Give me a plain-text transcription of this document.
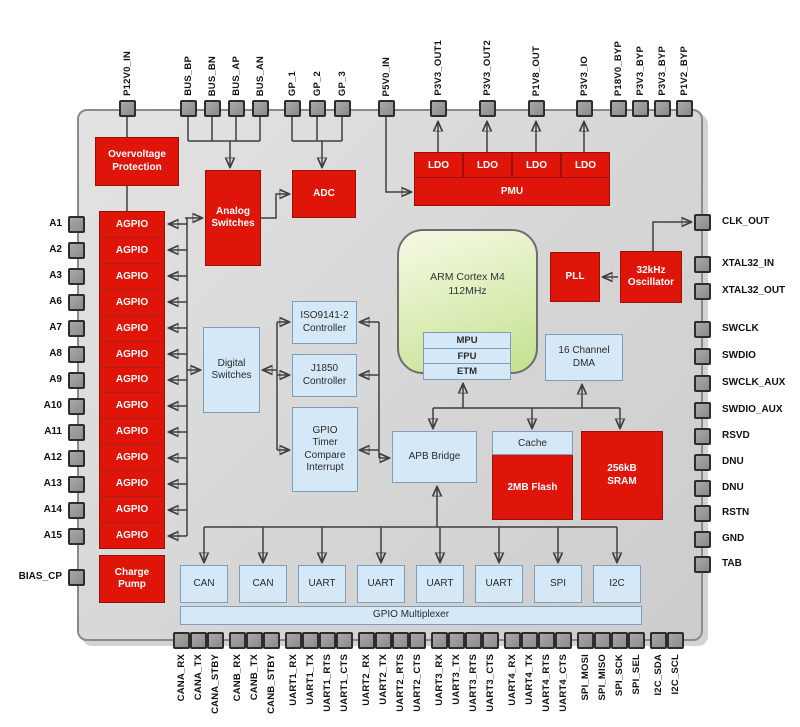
Overvoltage Protection
AGPIO
AGPIO
AGPIO
AGPIO
AGPIO
AGPIO
AGPIO
AGPIO
AGPIO
AGPIO
AGPIO
AGPIO
AGPIO
Charge Pump
Analog Switches
ADC
LDO	LDO	LDO	LDO
PMU
PLL
32kHz Oscillator
ARM Cortex M4
112MHz
MPU
FPU
ETM
16 Channel DMA
Digital Switches
ISO9141-2 Controller
J1850 Controller
GPIO Timer Compare Interrupt
APB Bridge
Cache
2MB Flash
256kB SRAM
GPIO Multiplexer
P12V0_IN	BUS_BP BUS_BN BUS_AP BUS_AN GP_1 GP_2 GP_3	P5V0_IN	P3V3_OUT1	P3V3_OUT2	P1V8_OUT	P3V3_IO P18V0_BYP P3V3_BYP P3V3_BYP P1V2_BYP
CANA_RX CANA_TX CANA_STBY CANB_RX CANB_TX CANB_STBY UART1_RX UART1_TX UART1_RTS UART1_CTS UART2_RX UART2_TX UART2_RTS UART2_CTS UART3_RX UART3_TX UART3_RTS UART3_CTS UART4_RX UART4_TX UART4_RTS UART4_CTS SPI_MOSI SPI_MISO SPI_SCK SPI_SEL I2C_SDA I2C_SCL
A1
A2
A3
A6
A7
A8
A9
A10
A11
A12
A13
A14
A15
BIAS_CP
CLK_OUT
XTAL32_IN
XTAL32_OUT
SWCLK
SWDIO
SWCLK_AUX
SWDIO_AUX
RSVD
DNU
DNU
RSTN
GND
TAB
CAN	CAN	UART	UART	UART	UART	SPI	I2C
